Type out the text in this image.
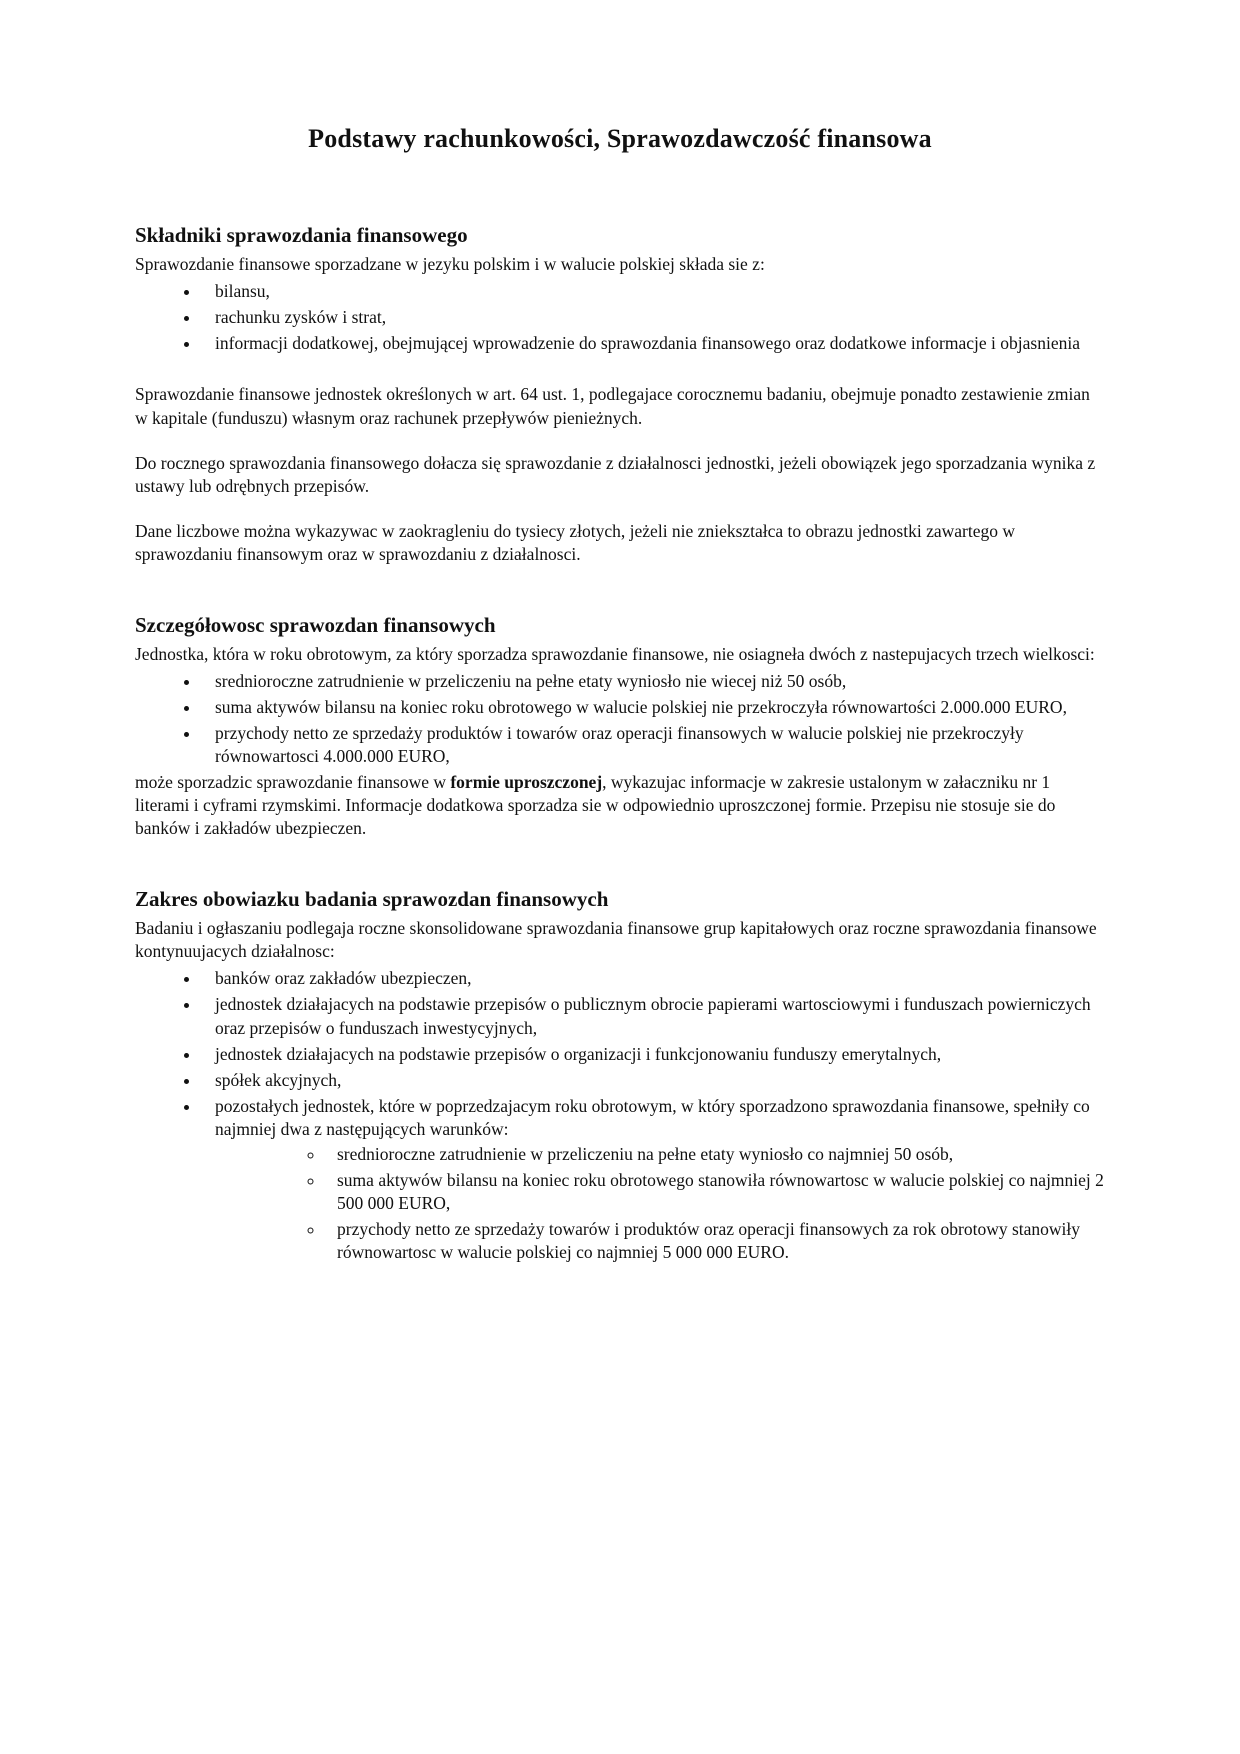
Podstawy rachunkowości, Sprawozdawczość finansowa
Składniki sprawozdania finansowego

Sprawozdanie finansowe sporzadzane w jezyku polskim i w walucie polskiej składa sie z:

• bilansu,
• rachunku zysków i strat,
• informacji dodatkowej, obejmującej wprowadzenie do sprawozdania finansowego oraz dodatkowe informacje i objasnienia

Sprawozdanie finansowe jednostek określonych w art. 64 ust. 1, podlegajace corocznemu badaniu, obejmuje ponadto zestawienie zmian w kapitale (funduszu) własnym oraz rachunek przepływów pienieżnych.

Do rocznego sprawozdania finansowego dołacza się sprawozdanie z działalnosci jednostki, jeżeli obowiązek jego sporzadzania wynika z ustawy lub odrębnych przepisów.

Dane liczbowe można wykazywac w zaokragleniu do tysiecy złotych, jeżeli nie zniekształca to obrazu jednostki zawartego w sprawozdaniu finansowym oraz w sprawozdaniu z działalnosci.

Szczegółowosc sprawozdan finansowych

Jednostka, która w roku obrotowym, za który sporzadza sprawozdanie finansowe, nie osiagneła dwóch z nastepujacych trzech wielkosci:

• srednioroczne zatrudnienie w przeliczeniu na pełne etaty wyniosło nie wiecej niż 50 osób,
• suma aktywów bilansu na koniec roku obrotowego w walucie polskiej nie przekroczyła równowartości 2.000.000 EURO,
• przychody netto ze sprzedaży produktów i towarów oraz operacji finansowych w walucie polskiej nie przekroczyły równowartosci 4.000.000 EURO,

może sporzadzic sprawozdanie finansowe w formie uproszczonej, wykazujac informacje w zakresie ustalonym w załaczniku nr 1 literami i cyframi rzymskimi. Informacje dodatkowa sporzadza sie w odpowiednio uproszczonej formie. Przepisu nie stosuje sie do banków i zakładów ubezpieczen.

Zakres obowiazku badania sprawozdan finansowych

Badaniu i ogłaszaniu podlegaja roczne skonsolidowane sprawozdania finansowe grup kapitałowych oraz roczne sprawozdania finansowe kontynuujacych działalnosc:

• banków oraz zakładów ubezpieczen,
• jednostek działajacych na podstawie przepisów o publicznym obrocie papierami wartosciowymi i funduszach powierniczych oraz przepisów o funduszach inwestycyjnych,
• jednostek działajacych na podstawie przepisów o organizacji i funkcjonowaniu funduszy emerytalnych,
• spółek akcyjnych,
• pozostałych jednostek, które w poprzedzajacym roku obrotowym, w który sporzadzono sprawozdania finansowe, spełniły co najmniej dwa z następujących warunków:
◦ srednioroczne zatrudnienie w przeliczeniu na pełne etaty wyniosło co najmniej 50 osób,
◦ suma aktywów bilansu na koniec roku obrotowego stanowiła równowartosc w walucie polskiej co najmniej 2 500 000 EURO,
◦ przychody netto ze sprzedaży towarów i produktów oraz operacji finansowych za rok obrotowy stanowiły równowartosc w walucie polskiej co najmniej 5 000 000 EURO.
